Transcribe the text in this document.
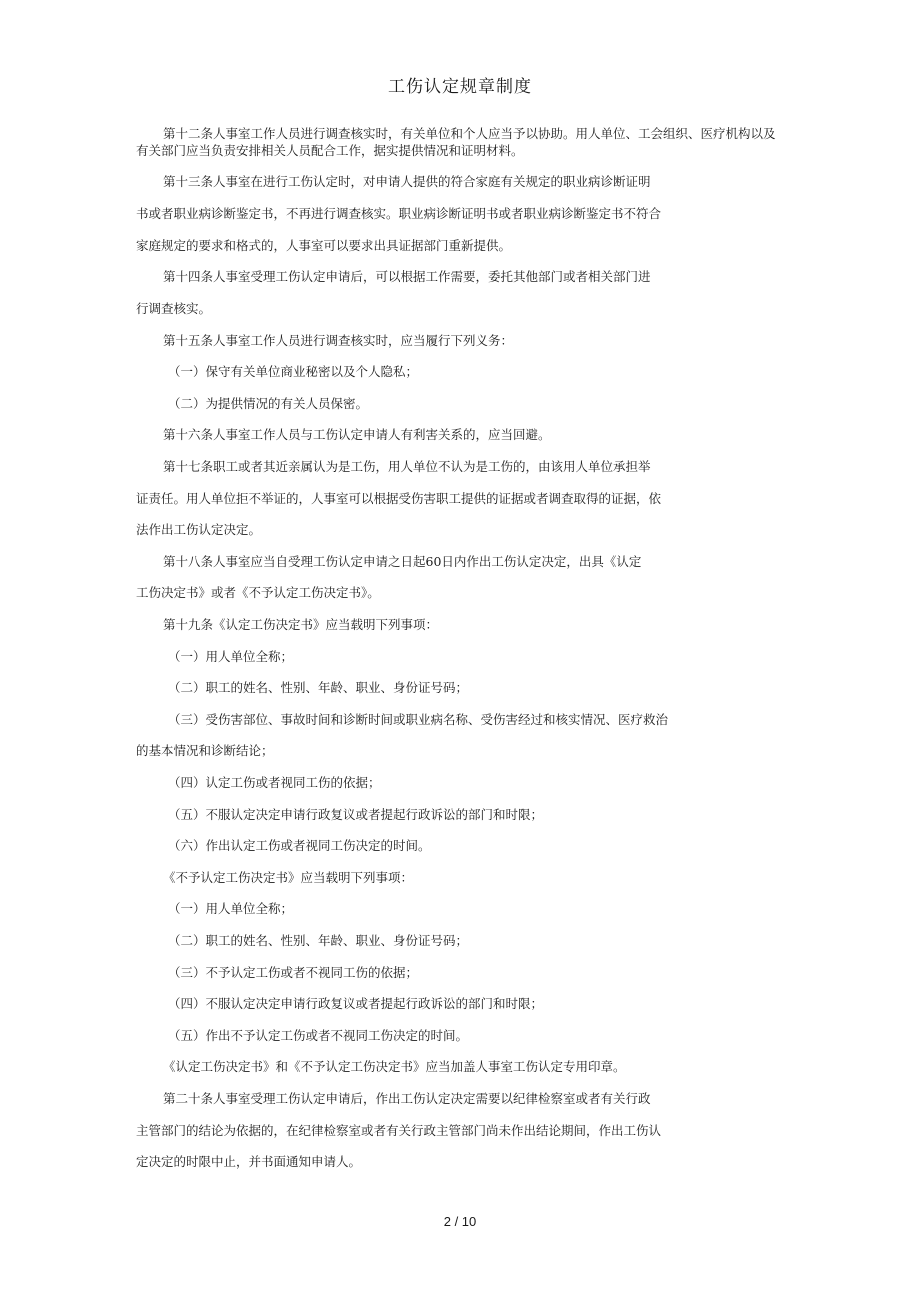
工伤认定规章制度
第十二条人事室工作人员进行调查核实时，有关单位和个人应当予以协助。用人单位、工会组织、医疗机构以及
有关部门应当负责安排相关人员配合工作，据实提供情况和证明材料。
第十三条人事室在进行工伤认定时，对申请人提供的符合家庭有关规定的职业病诊断证明
书或者职业病诊断鉴定书，不再进行调查核实。职业病诊断证明书或者职业病诊断鉴定书不符合
家庭规定的要求和格式的，人事室可以要求出具证据部门重新提供。
第十四条人事室受理工伤认定申请后，可以根据工作需要，委托其他部门或者相关部门进
行调查核实。
第十五条人事室工作人员进行调查核实时，应当履行下列义务：
（一）保守有关单位商业秘密以及个人隐私；
（二）为提供情况的有关人员保密。
第十六条人事室工作人员与工伤认定申请人有利害关系的，应当回避。
第十七条职工或者其近亲属认为是工伤，用人单位不认为是工伤的，由该用人单位承担举
证责任。用人单位拒不举证的，人事室可以根据受伤害职工提供的证据或者调查取得的证据，依
法作出工伤认定决定。
第十八条人事室应当自受理工伤认定申请之日起60日内作出工伤认定决定，出具《认定
工伤决定书》或者《不予认定工伤决定书》。
第十九条《认定工伤决定书》应当载明下列事项：
（一）用人单位全称；
（二）职工的姓名、性别、年龄、职业、身份证号码；
（三）受伤害部位、事故时间和诊断时间或职业病名称、受伤害经过和核实情况、医疗救治
的基本情况和诊断结论；
（四）认定工伤或者视同工伤的依据；
（五）不服认定决定申请行政复议或者提起行政诉讼的部门和时限；
（六）作出认定工伤或者视同工伤决定的时间。
《不予认定工伤决定书》应当载明下列事项：
（一）用人单位全称；
（二）职工的姓名、性别、年龄、职业、身份证号码；
（三）不予认定工伤或者不视同工伤的依据；
（四）不服认定决定申请行政复议或者提起行政诉讼的部门和时限；
（五）作出不予认定工伤或者不视同工伤决定的时间。
《认定工伤决定书》和《不予认定工伤决定书》应当加盖人事室工伤认定专用印章。
第二十条人事室受理工伤认定申请后，作出工伤认定决定需要以纪律检察室或者有关行政
主管部门的结论为依据的，在纪律检察室或者有关行政主管部门尚未作出结论期间，作出工伤认
定决定的时限中止，并书面通知申请人。
2 / 10
